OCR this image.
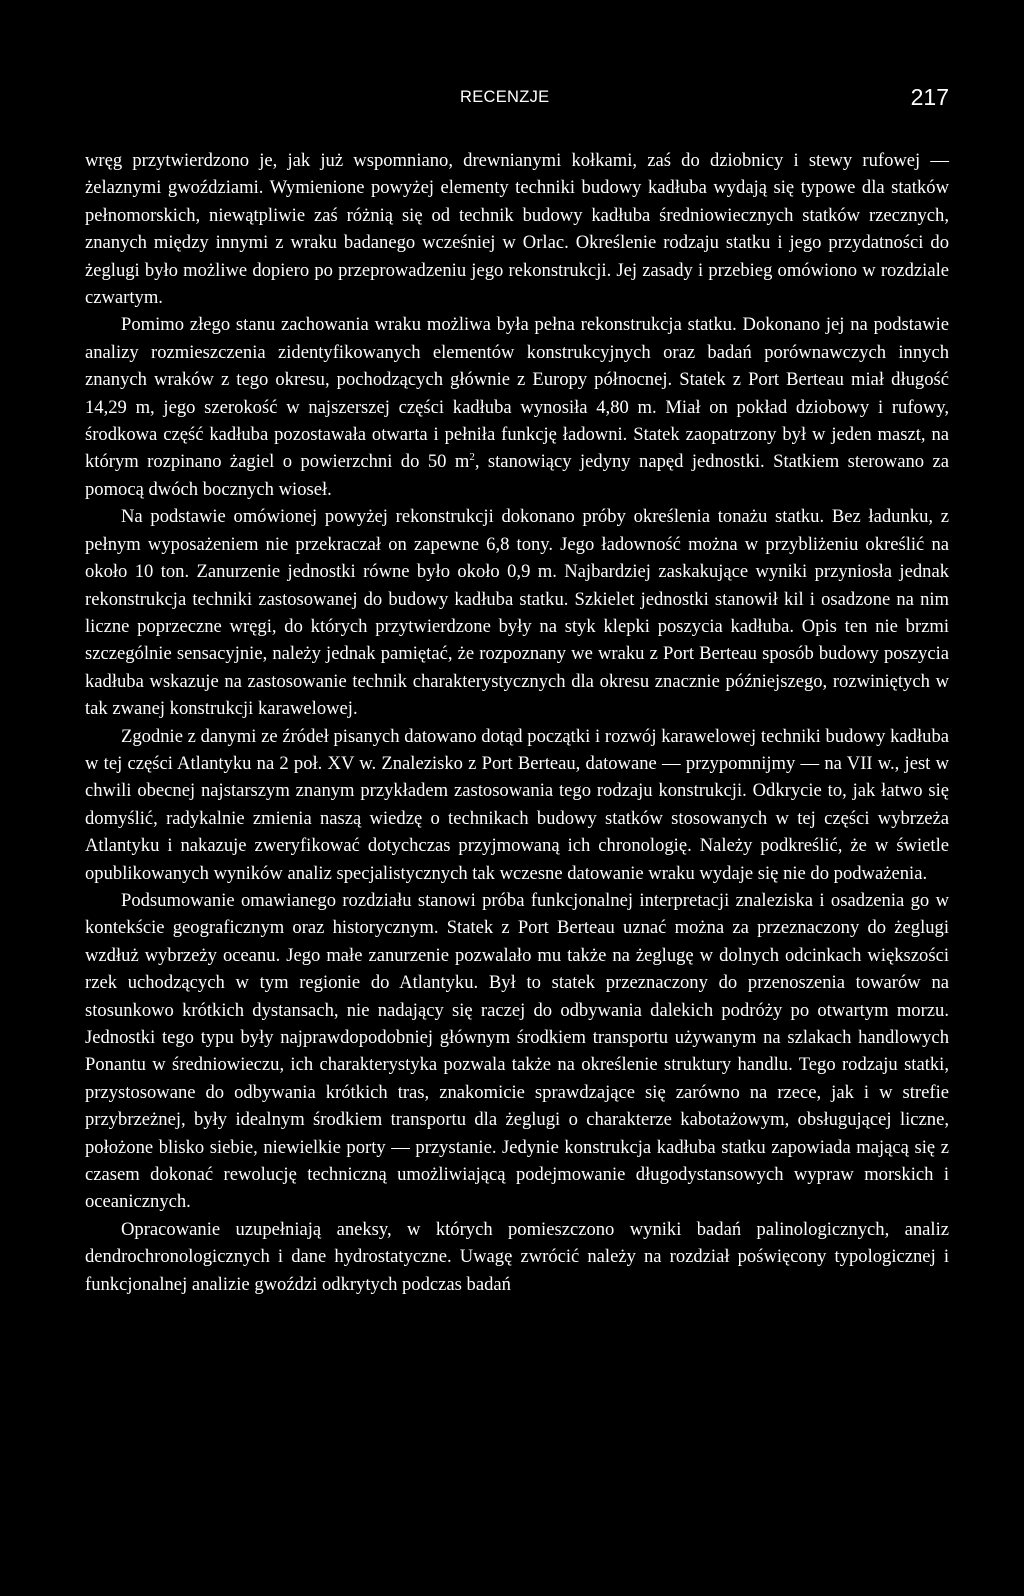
RECENZJE	217

wręg przytwierdzono je, jak już wspomniano, drewnianymi kołkami, zaś do dziobnicy i stewy rufowej — żelaznymi gwoździami. Wymienione powyżej elementy techniki budowy kadłuba wydają się typowe dla statków pełnomorskich, niewątpliwie zaś różnią się od technik budowy kadłuba średniowiecznych statków rzecznych, znanych między innymi z wraku badanego wcześniej w Orlac. Określenie rodzaju statku i jego przydatności do żeglugi było możliwe dopiero po przeprowadzeniu jego rekonstrukcji. Jej zasady i przebieg omówiono w rozdziale czwartym.

Pomimo złego stanu zachowania wraku możliwa była pełna rekonstrukcja statku. Dokonano jej na podstawie analizy rozmieszczenia zidentyfikowanych elementów konstrukcyjnych oraz badań porównawczych innych znanych wraków z tego okresu, pochodzących głównie z Europy północnej. Statek z Port Berteau miał długość 14,29 m, jego szerokość w najszerszej części kadłuba wynosiła 4,80 m. Miał on pokład dziobowy i rufowy, środkowa część kadłuba pozostawała otwarta i pełniła funkcję ładowni. Statek zaopatrzony był w jeden maszt, na którym rozpinano żagiel o powierzchni do 50 $m^2$, stanowiący jedyny napęd jednostki. Statkiem sterowano za pomocą dwóch bocznych wioseł.

Na podstawie omówionej powyżej rekonstrukcji dokonano próby określenia tonażu statku. Bez ładunku, z pełnym wyposażeniem nie przekraczał on zapewne 6,8 tony. Jego ładowność można w przybliżeniu określić na około 10 ton. Zanurzenie jednostki równe było około 0,9 m. Najbardziej zaskakujące wyniki przyniosła jednak rekonstrukcja techniki zastosowanej do budowy kadłuba statku. Szkielet jednostki stanowił kil i osadzone na nim liczne poprzeczne wręgi, do których przytwierdzone były na styk klepki poszycia kadłuba. Opis ten nie brzmi szczególnie sensacyjnie, należy jednak pamiętać, że rozpoznany we wraku z Port Berteau sposób budowy poszycia kadłuba wskazuje na zastosowanie technik charakterystycznych dla okresu znacznie późniejszego, rozwiniętych w tak zwanej konstrukcji karawelowej.

Zgodnie z danymi ze źródeł pisanych datowano dotąd początki i rozwój karawelowej techniki budowy kadłuba w tej części Atlantyku na 2 poł. XV w. Znalezisko z Port Berteau, datowane — przypomnijmy — na VII w., jest w chwili obecnej najstarszym znanym przykładem zastosowania tego rodzaju konstrukcji. Odkrycie to, jak łatwo się domyślić, radykalnie zmienia naszą wiedzę o technikach budowy statków stosowanych w tej części wybrzeża Atlantyku i nakazuje zweryfikować dotychczas przyjmowaną ich chronologię. Należy podkreślić, że w świetle opublikowanych wyników analiz specjalistycznych tak wczesne datowanie wraku wydaje się nie do podważenia.

Podsumowanie omawianego rozdziału stanowi próba funkcjonalnej interpretacji znaleziska i osadzenia go w kontekście geograficznym oraz historycznym. Statek z Port Berteau uznać można za przeznaczony do żeglugi wzdłuż wybrzeży oceanu. Jego małe zanurzenie pozwalało mu także na żeglugę w dolnych odcinkach większości rzek uchodzących w tym regionie do Atlantyku. Był to statek przeznaczony do przenoszenia towarów na stosunkowo krótkich dystansach, nie nadający się raczej do odbywania dalekich podróży po otwartym morzu. Jednostki tego typu były najprawdopodobniej głównym środkiem transportu używanym na szlakach handlowych Ponantu w średniowieczu, ich charakterystyka pozwala także na określenie struktury handlu. Tego rodzaju statki, przystosowane do odbywania krótkich tras, znakomicie sprawdzające się zarówno na rzece, jak i w strefie przybrzeżnej, były idealnym środkiem transportu dla żeglugi o charakterze kabotażowym, obsługującej liczne, położone blisko siebie, niewielkie porty — przystanie. Jedynie konstrukcja kadłuba statku zapowiada mającą się z czasem dokonać rewolucję techniczną umożliwiającą podejmowanie długodystansowych wypraw morskich i oceanicznych.

Opracowanie uzupełniają aneksy, w których pomieszczono wyniki badań palinologicznych, analiz dendrochronologicznych i dane hydrostatyczne. Uwagę zwrócić należy na rozdział poświęcony typologicznej i funkcjonalnej analizie gwoździ odkrytych podczas badań
